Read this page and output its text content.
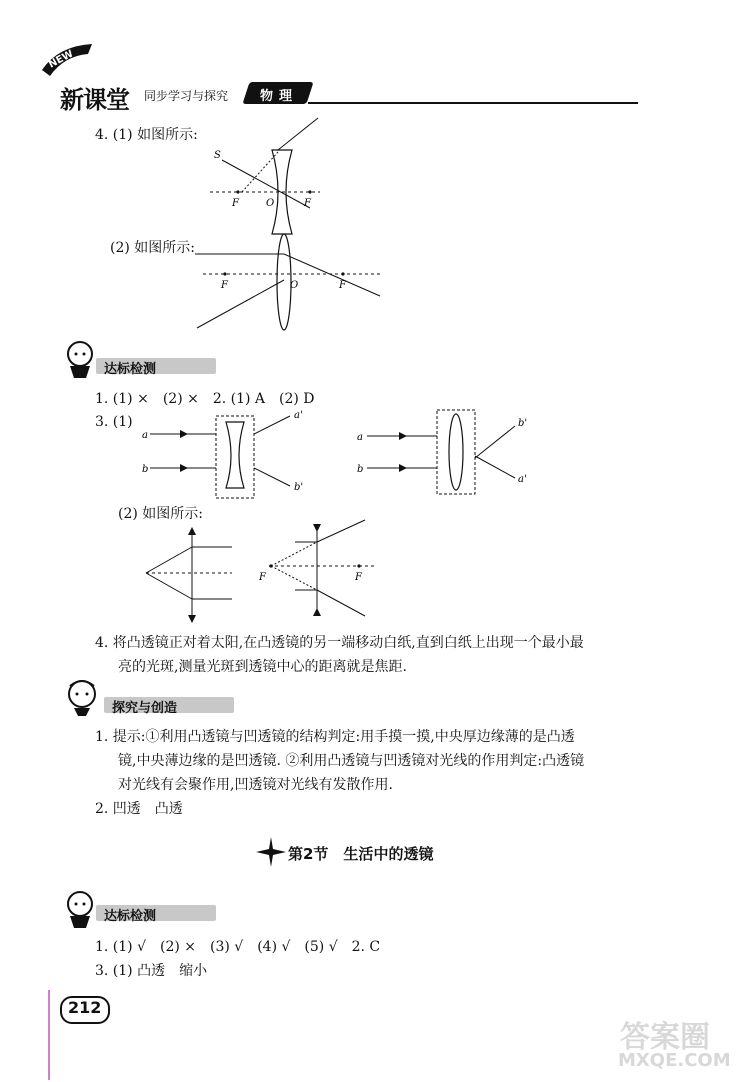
NEW
新课堂 同步学习与探究 物理
4. (1) 如图所示:
S
F	O	F
(2) 如图所示:
F	O	F
达标检测
1. (1) ×　(2) ×　2. (1) A　(2) D
3. (1)
a
b
a'
b'
a
b
b'
a'
(2) 如图所示:
F	F
4. 将凸透镜正对着太阳,在凸透镜的另一端移动白纸,直到白纸上出现一个最小最
亮的光斑,测量光斑到透镜中心的距离就是焦距.
探究与创造
1. 提示:①利用凸透镜与凹透镜的结构判定:用手摸一摸,中央厚边缘薄的是凸透
镜,中央薄边缘的是凹透镜. ②利用凸透镜与凹透镜对光线的作用判定:凸透镜
对光线有会聚作用,凹透镜对光线有发散作用.
2. 凹透　凸透
第2节　生活中的透镜
达标检测
1. (1) √　(2) ×　(3) √　(4) √　(5) √　2. C
3. (1) 凸透　缩小
212
答案圈
MXQE.COM
